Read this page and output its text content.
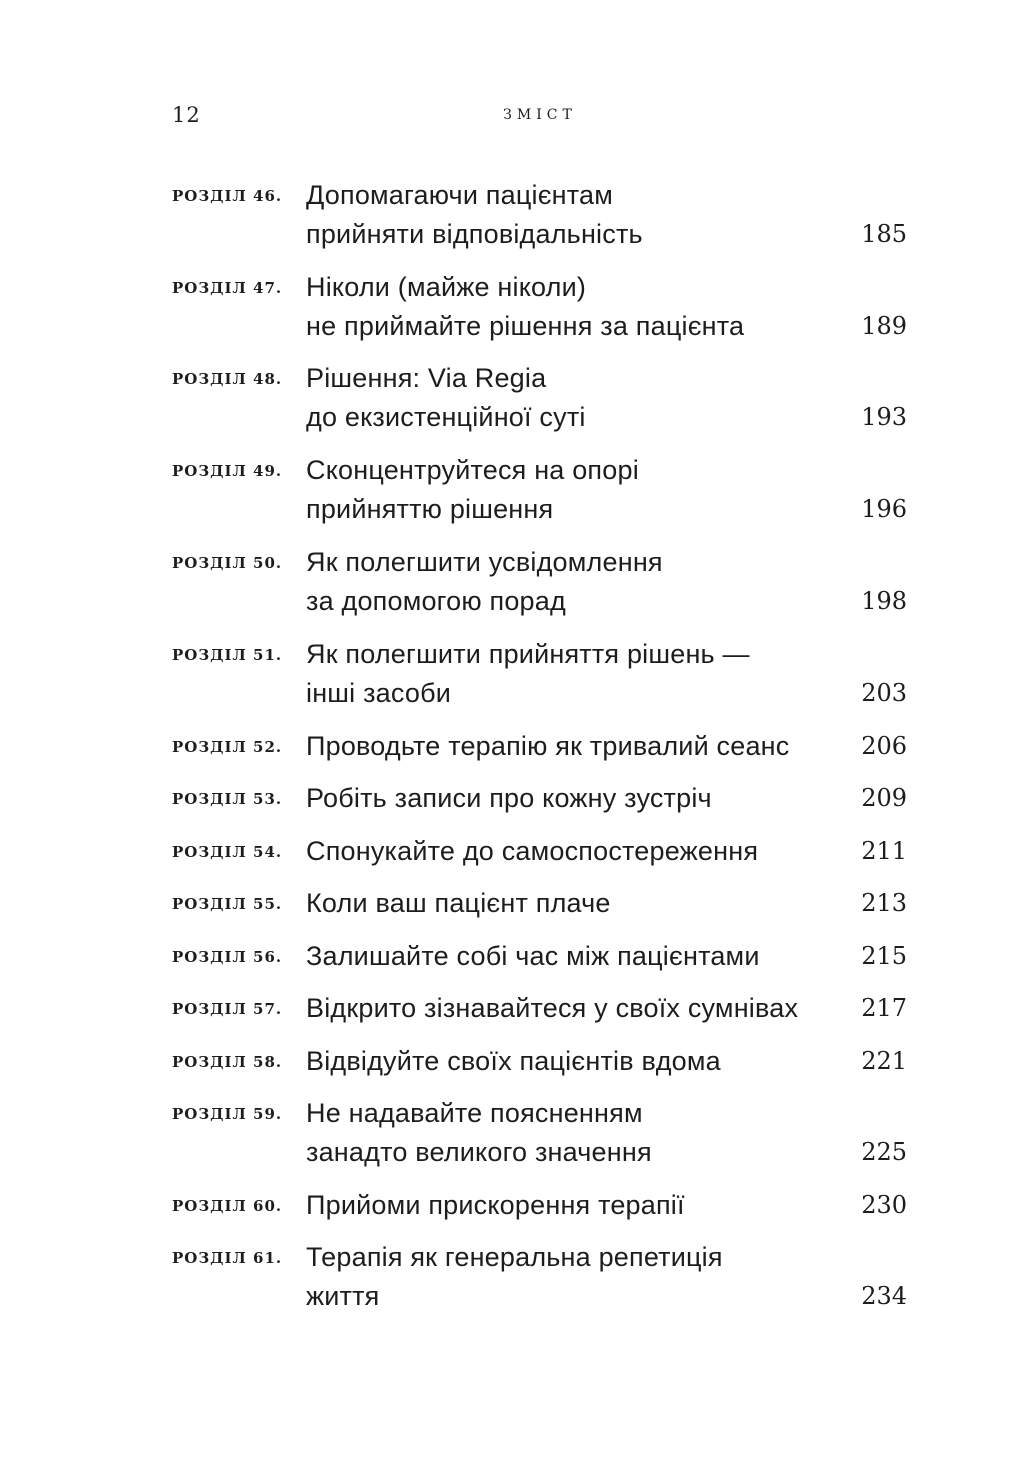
12	ЗМІСТ
РОЗДІЛ 46. Допомагаючи пацієнтам
прийняти відповідальність	185
РОЗДІЛ 47. Ніколи (майже ніколи)
не приймайте рішення за пацієнта	189
РОЗДІЛ 48. Рішення: Via Regia
до екзистенційної суті	193
РОЗДІЛ 49. Сконцентруйтеся на опорі
прийняттю рішення	196
РОЗДІЛ 50. Як полегшити усвідомлення
за допомогою порад	198
РОЗДІЛ 51. Як полегшити прийняття рішень —
інші засоби	203
РОЗДІЛ 52. Проводьте терапію як тривалий сеанс	206
РОЗДІЛ 53. Робіть записи про кожну зустріч	209
РОЗДІЛ 54. Спонукайте до самоспостереження	211
РОЗДІЛ 55. Коли ваш пацієнт плаче	213
РОЗДІЛ 56. Залишайте собі час між пацієнтами	215
РОЗДІЛ 57. Відкрито зізнавайтеся у своїх сумнівах	217
РОЗДІЛ 58. Відвідуйте своїх пацієнтів вдома	221
РОЗДІЛ 59. Не надавайте поясненням
занадто великого значення	225
РОЗДІЛ 60. Прийоми прискорення терапії	230
РОЗДІЛ 61. Терапія як генеральна репетиція
життя	234
